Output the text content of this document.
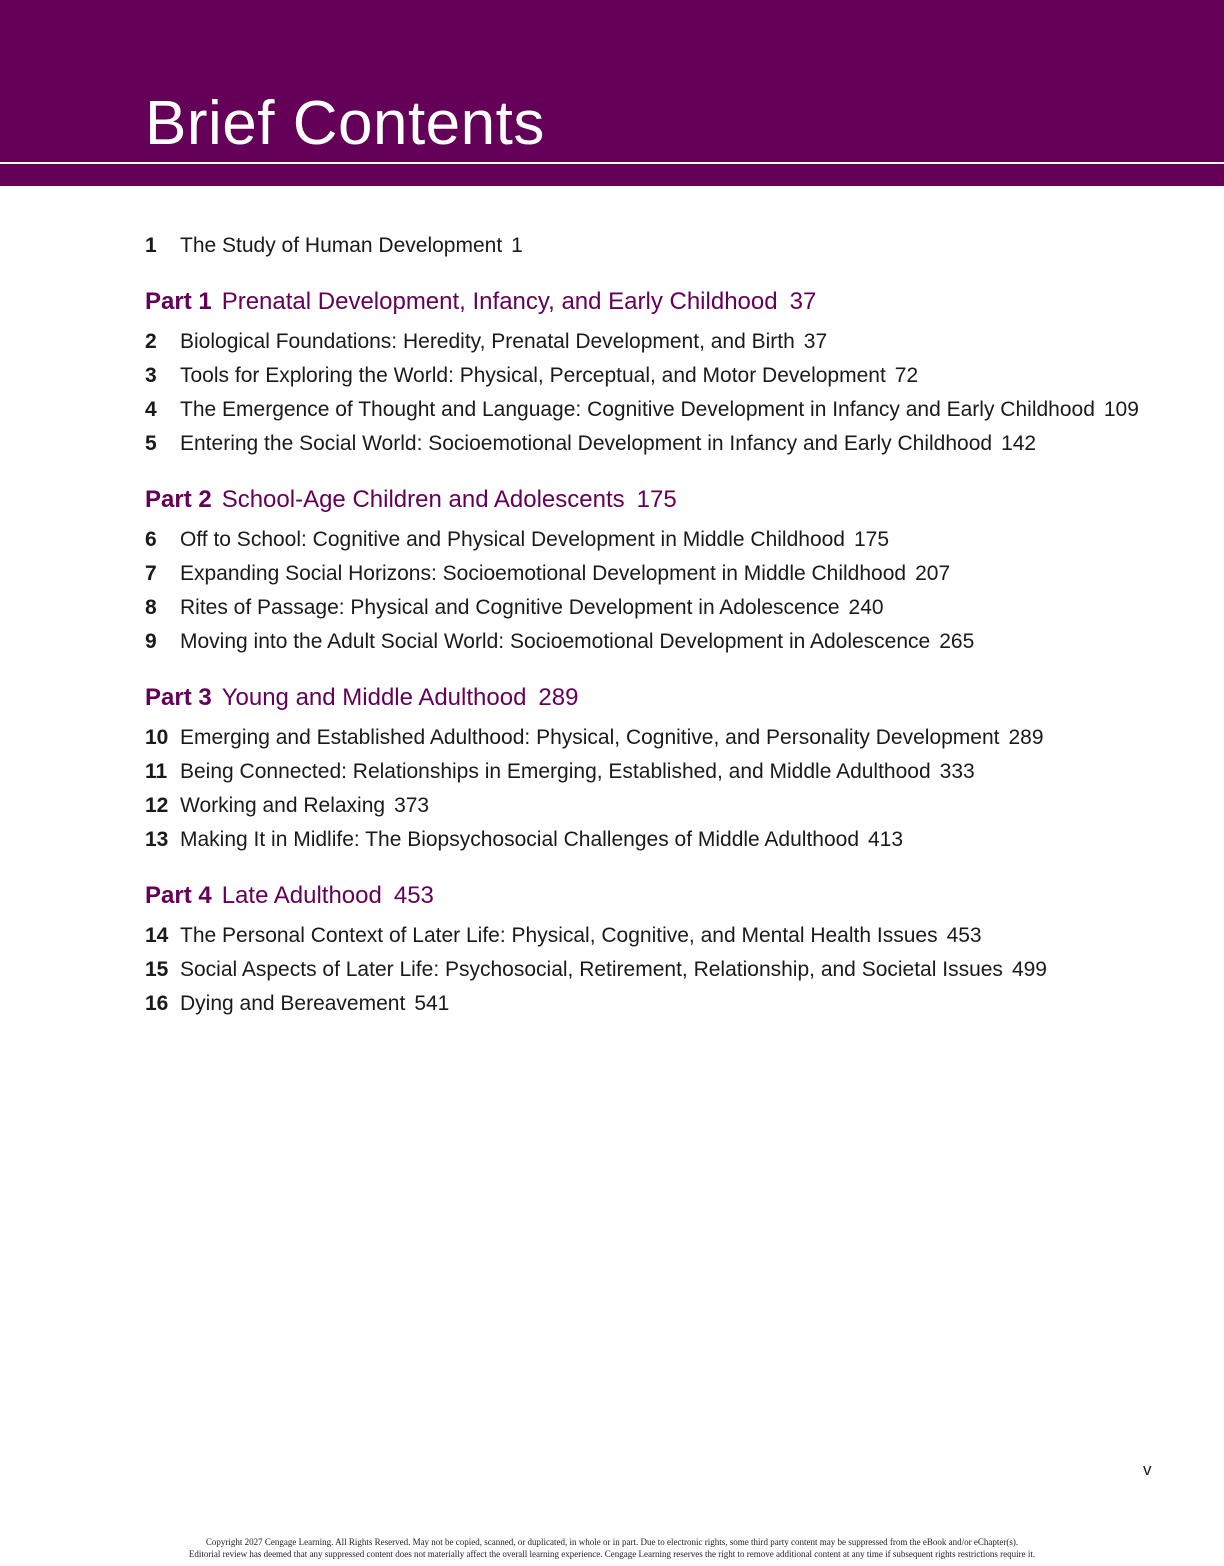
Brief Contents
1	The Study of Human Development 1
Part 1 Prenatal Development, Infancy, and Early Childhood 37
2	Biological Foundations: Heredity, Prenatal Development, and Birth 37
3	Tools for Exploring the World: Physical, Perceptual, and Motor Development 72
4	The Emergence of Thought and Language: Cognitive Development in Infancy and Early Childhood 109
5	Entering the Social World: Socioemotional Development in Infancy and Early Childhood 142
Part 2 School-Age Children and Adolescents 175
6	Off to School: Cognitive and Physical Development in Middle Childhood 175
7	Expanding Social Horizons: Socioemotional Development in Middle Childhood 207
8	Rites of Passage: Physical and Cognitive Development in Adolescence 240
9	Moving into the Adult Social World: Socioemotional Development in Adolescence 265
Part 3 Young and Middle Adulthood 289
10 Emerging and Established Adulthood: Physical, Cognitive, and Personality Development 289
11 Being Connected: Relationships in Emerging, Established, and Middle Adulthood 333
12 Working and Relaxing 373
13 Making It in Midlife: The Biopsychosocial Challenges of Middle Adulthood 413
Part 4 Late Adulthood 453
14 The Personal Context of Later Life: Physical, Cognitive, and Mental Health Issues 453
15 Social Aspects of Later Life: Psychosocial, Retirement, Relationship, and Societal Issues 499
16 Dying and Bereavement 541
v
Copyright 2027 Cengage Learning. All Rights Reserved. May not be copied, scanned, or duplicated, in whole or in part. Due to electronic rights, some third party content may be suppressed from the eBook and/or eChapter(s).
Editorial review has deemed that any suppressed content does not materially affect the overall learning experience. Cengage Learning reserves the right to remove additional content at any time if subsequent rights restrictions require it.
